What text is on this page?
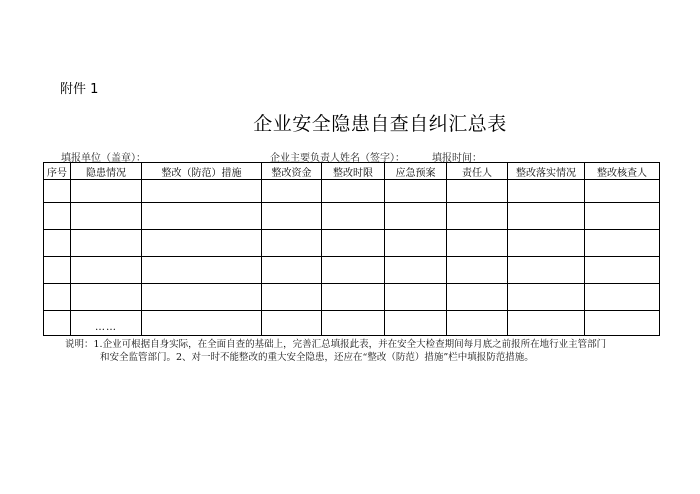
附件 1
企业安全隐患自查自纠汇总表
填报单位（盖章）：	企业主要负责人姓名（签字）：	填报时间：
序号	隐患情况	整改（防范）措施	整改资金	整改时限	应急预案	责任人	整改落实情况	整改核查人

	……							
说明：1.企业可根据自身实际，在全面自查的基础上，完善汇总填报此表，并在安全大检查期间每月底之前报所在地行业主管部门
和安全监管部门。2、对一时不能整改的重大安全隐患，还应在“整改（防范）措施”栏中填报防范措施。
